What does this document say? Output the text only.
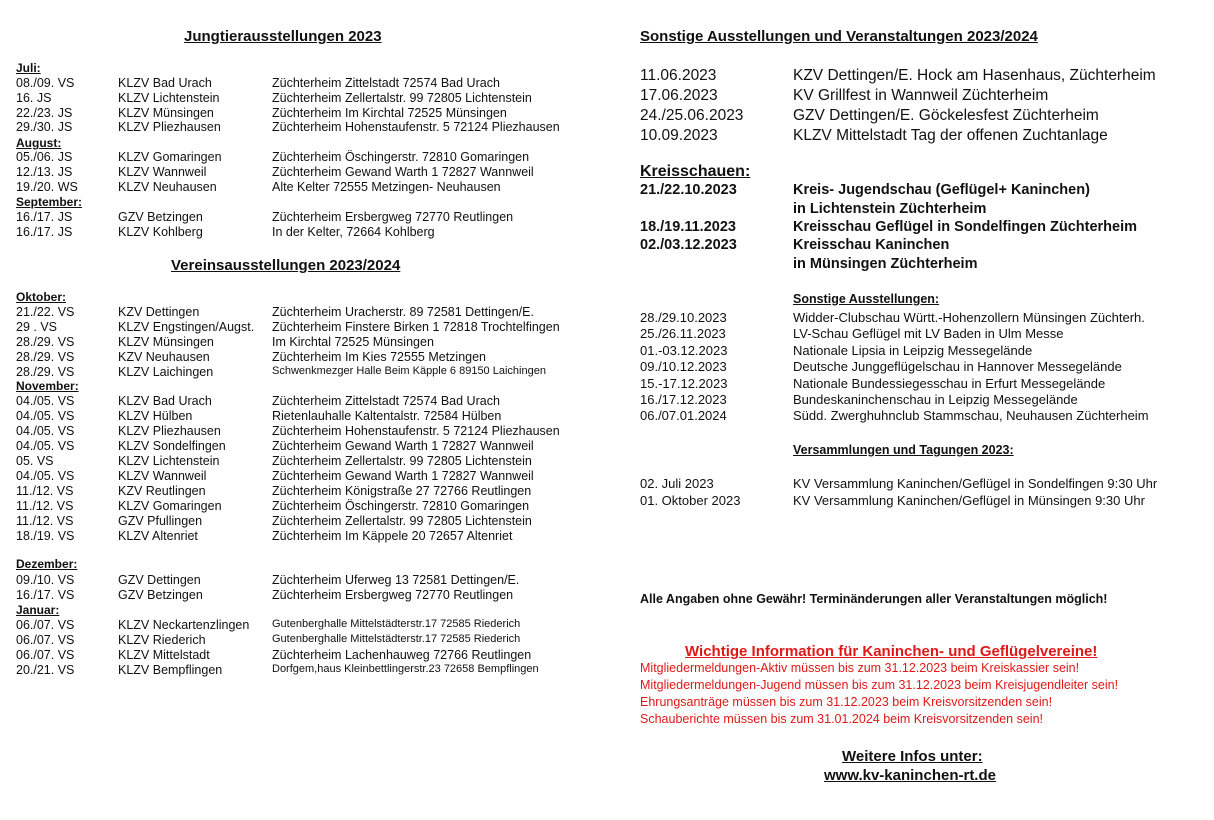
Jungtierausstellungen 2023
Juli:
08./09. VS	KLZV Bad Urach	Züchterheim Zittelstadt 72574 Bad Urach
16. JS	KLZV Lichtenstein	Züchterheim Zellertalstr. 99 72805 Lichtenstein
22./23. JS	KLZV Münsingen	Züchterheim Im Kirchtal 72525 Münsingen
29./30. JS	KLZV Pliezhausen	Züchterheim Hohenstaufenstr. 5 72124 Pliezhausen
August:
05./06. JS	KLZV Gomaringen	Züchterheim Öschingerstr. 72810 Gomaringen
12./13. JS	KLZV Wannweil	Züchterheim Gewand Warth 1 72827 Wannweil
19./20. WS	KLZV Neuhausen	Alte Kelter 72555 Metzingen- Neuhausen
September:
16./17. JS	GZV Betzingen	Züchterheim Ersbergweg 72770 Reutlingen
16./17. JS	KLZV Kohlberg	In der Kelter, 72664 Kohlberg
Vereinsausstellungen 2023/2024
Oktober:
21./22. VS	KZV Dettingen	Züchterheim Uracherstr. 89 72581 Dettingen/E.
29 . VS	KLZV Engstingen/Augst. Züchterheim Finstere Birken 1 72818 Trochtelfingen
28./29. VS	KLZV Münsingen	Im Kirchtal 72525 Münsingen
28./29. VS	KZV Neuhausen	Züchterheim Im Kies 72555 Metzingen
28./29. VS	KLZV Laichingen	Schwenkmezger Halle Beim Käpple 6 89150 Laichingen
November:
04./05. VS	KLZV Bad Urach	Züchterheim Zittelstadt 72574 Bad Urach
04./05. VS	KLZV Hülben	Rietenlauhalle Kaltentalstr. 72584 Hülben
04./05. VS	KLZV Pliezhausen	Züchterheim Hohenstaufenstr. 5 72124 Pliezhausen
04./05. VS	KLZV Sondelfingen	Züchterheim Gewand Warth 1 72827 Wannweil
05. VS	KLZV Lichtenstein	Züchterheim Zellertalstr. 99 72805 Lichtenstein
04./05. VS	KLZV Wannweil	Züchterheim Gewand Warth 1 72827 Wannweil
11./12. VS	KZV Reutlingen	Züchterheim Königstraße 27 72766 Reutlingen
11./12. VS	KLZV Gomaringen	Züchterheim Öschingerstr. 72810 Gomaringen
11./12. VS	GZV Pfullingen	Züchterheim Zellertalstr. 99 72805 Lichtenstein
18./19. VS	KLZV Altenriet	Züchterheim Im Käppele 20 72657 Altenriet
Dezember:
09./10. VS	GZV Dettingen	Züchterheim Uferweg 13 72581 Dettingen/E.
16./17. VS	GZV Betzingen	Züchterheim Ersbergweg 72770 Reutlingen
Januar:
06./07. VS	KLZV Neckartenzlingen Gutenberghalle Mittelstädterstr.17 72585 Riederich
06./07. VS	KLZV Riederich	Gutenberghalle Mittelstädterstr.17 72585 Riederich
06./07. VS	KLZV Mittelstadt	Züchterheim Lachenhauweg 72766 Reutlingen
20./21. VS	KLZV Bempflingen	Dorfgem,haus Kleinbettlingerstr.23 72658 Bempflingen
Sonstige Ausstellungen und Veranstaltungen 2023/2024
11.06.2023	KZV Dettingen/E. Hock am Hasenhaus, Züchterheim
17.06.2023	KV Grillfest in Wannweil Züchterheim
24./25.06.2023	GZV Dettingen/E. Göckelesfest Züchterheim
10.09.2023	KLZV Mittelstadt Tag der offenen Zuchtanlage
Kreisschauen:
21./22.10.2023	Kreis- Jugendschau (Geflügel+ Kaninchen)
in Lichtenstein Züchterheim
18./19.11.2023	Kreisschau Geflügel in Sondelfingen Züchterheim
02./03.12.2023	Kreisschau Kaninchen
in Münsingen Züchterheim
Sonstige Ausstellungen:
28./29.10.2023	Widder-Clubschau Württ.-Hohenzollern Münsingen Züchterh.
25./26.11.2023	LV-Schau Geflügel mit LV Baden in Ulm Messe
01.-03.12.2023	Nationale Lipsia in Leipzig Messegelände
09./10.12.2023	Deutsche Junggeflügelschau in Hannover Messegelände
15.-17.12.2023	Nationale Bundessiegesschau in Erfurt Messegelände
16./17.12.2023	Bundeskaninchenschau in Leipzig Messegelände
06./07.01.2024	Südd. Zwerghuhnclub Stammschau, Neuhausen Züchterheim
Versammlungen und Tagungen 2023:
02. Juli 2023	KV Versammlung Kaninchen/Geflügel in Sondelfingen 9:30 Uhr
01. Oktober 2023	KV Versammlung Kaninchen/Geflügel in Münsingen 9:30 Uhr
Alle Angaben ohne Gewähr! Terminänderungen aller Veranstaltungen möglich!
Wichtige Information für Kaninchen- und Geflügelvereine!
Mitgliedermeldungen-Aktiv müssen bis zum 31.12.2023 beim Kreiskassier sein!
Mitgliedermeldungen-Jugend müssen bis zum 31.12.2023 beim Kreisjugendleiter sein!
Ehrungsanträge müssen bis zum 31.12.2023 beim Kreisvorsitzenden sein!
Schauberichte müssen bis zum 31.01.2024 beim Kreisvorsitzenden sein!
Weitere Infos unter:
www.kv-kaninchen-rt.de
